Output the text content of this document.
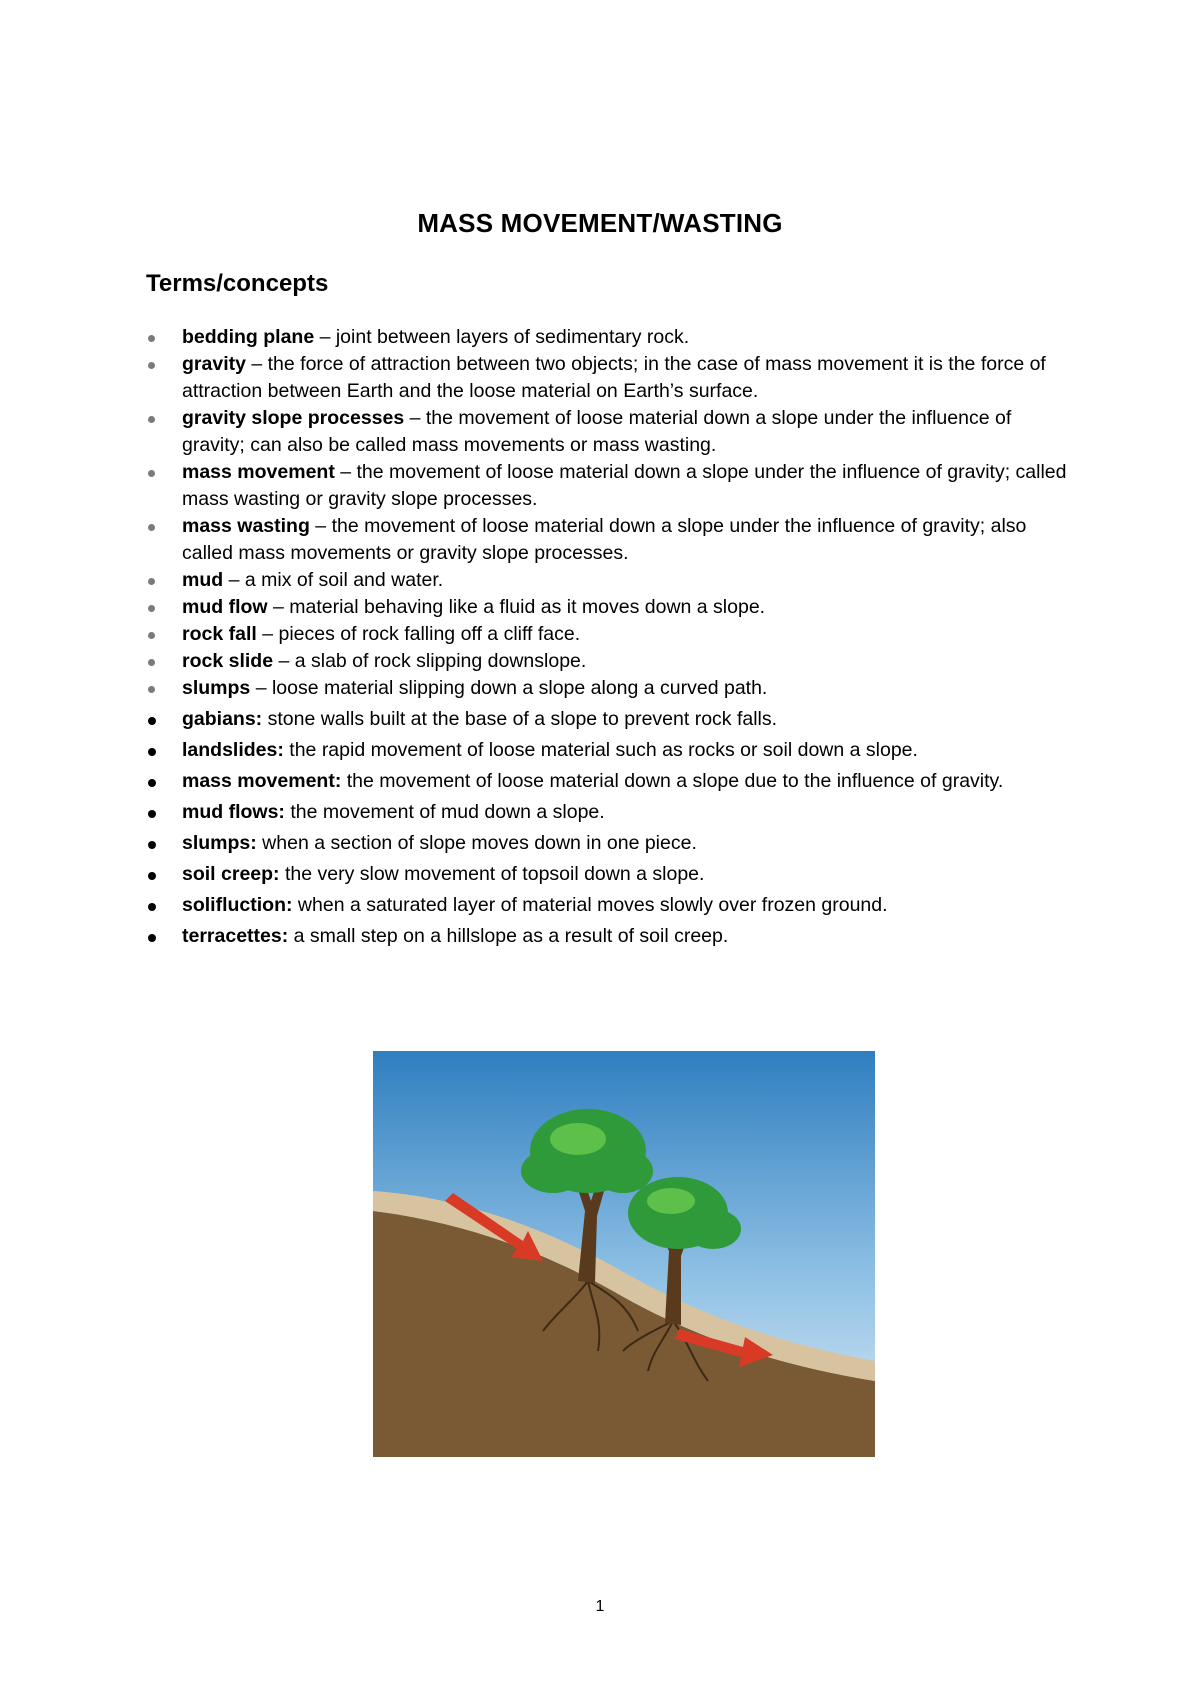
MASS MOVEMENT/WASTING
Terms/concepts
bedding plane – joint between layers of sedimentary rock.
gravity – the force of attraction between two objects; in the case of mass movement it is the force of attraction between Earth and the loose material on Earth’s surface.
gravity slope processes – the movement of loose material down a slope under the influence of gravity; can also be called mass movements or mass wasting.
mass movement – the movement of loose material down a slope under the influence of gravity; called mass wasting or gravity slope processes.
mass wasting – the movement of loose material down a slope under the influence of gravity; also called mass movements or gravity slope processes.
mud – a mix of soil and water.
mud flow – material behaving like a fluid as it moves down a slope.
rock fall – pieces of rock falling off a cliff face.
rock slide – a slab of rock slipping downslope.
slumps – loose material slipping down a slope along a curved path.
gabians: stone walls built at the base of a slope to prevent rock falls.
landslides: the rapid movement of loose material such as rocks or soil down a slope.
mass movement: the movement of loose material down a slope due to the influence of gravity.
mud flows: the movement of mud down a slope.
slumps: when a section of slope moves down in one piece.
soil creep: the very slow movement of topsoil down a slope.
solifluction: when a saturated layer of material moves slowly over frozen ground.
terracettes: a small step on a hillslope as a result of soil creep.
1
